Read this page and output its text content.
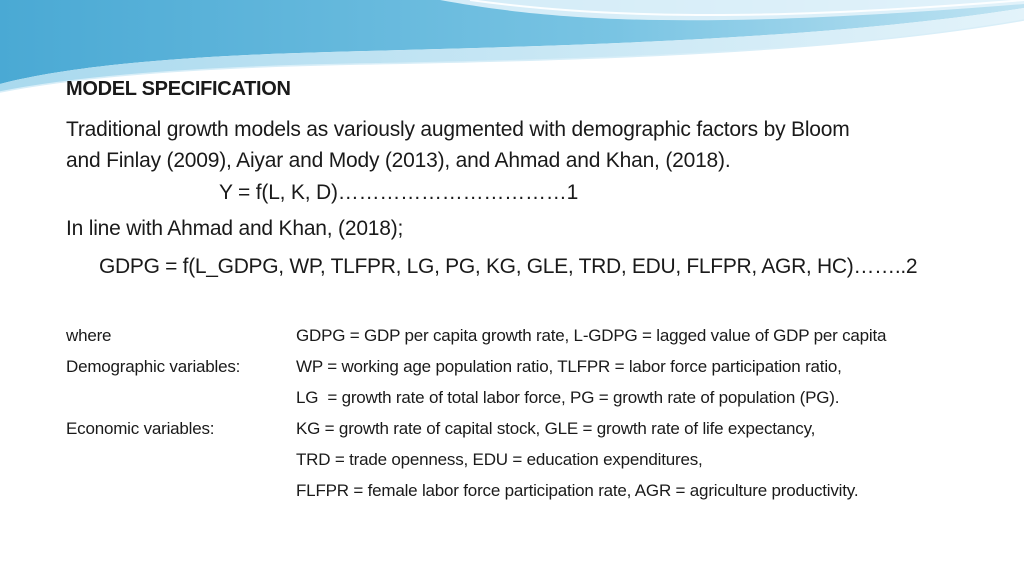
MODEL SPECIFICATION
Traditional growth models as variously augmented with demographic factors by Bloom
and Finlay (2009), Aiyar and Mody (2013), and Ahmad and Khan, (2018).
Y = f(L, K, D)……………………………1
In line with Ahmad and Khan, (2018);
GDPG = f(L_GDPG, WP, TLFPR, LG, PG, KG, GLE, TRD, EDU, FLFPR, AGR, HC)……..2
where	GDPG = GDP per capita growth rate, L-GDPG = lagged value of GDP per capita
Demographic variables:	WP = working age population ratio, TLFPR = labor force participation ratio,
LG  = growth rate of total labor force, PG = growth rate of population (PG).
Economic variables:	KG = growth rate of capital stock, GLE = growth rate of life expectancy,
TRD = trade openness, EDU = education expenditures,
FLFPR = female labor force participation rate, AGR = agriculture productivity.
